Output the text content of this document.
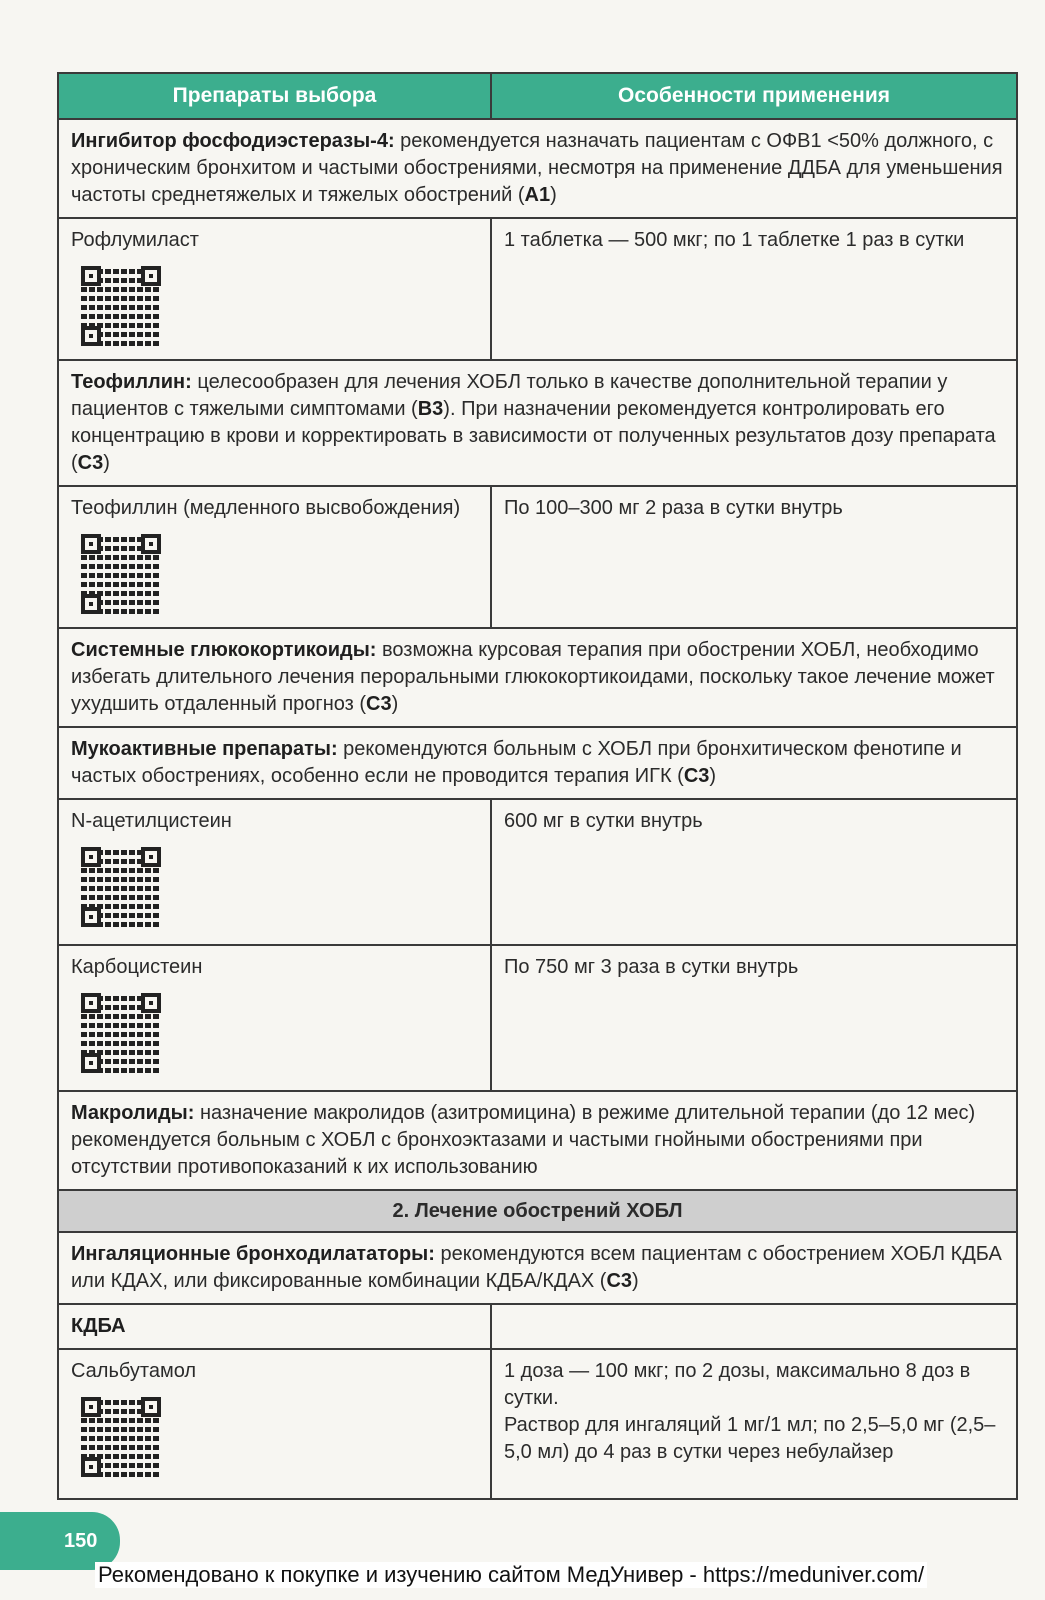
Препараты выбора	Особенности применения
Ингибитор фосфодиэстеразы-4: рекомендуется назначать пациентам с ОФВ1 <50% должного, с хроническим бронхитом и частыми обострениями, несмотря на применение ДДБА для уменьшения частоты среднетяжелых и тяжелых обострений (А1)
Рофлумиласт	1 таблетка — 500 мкг; по 1 таблетке 1 раз в сутки
Теофиллин: целесообразен для лечения ХОБЛ только в качестве дополнительной терапии у пациентов с тяжелыми симптомами (В3). При назначении рекомендуется контролировать его концентрацию в крови и корректировать в зависимости от полученных результатов дозу препарата (С3)
Теофиллин (медленного высвобождения)	По 100–300 мг 2 раза в сутки внутрь
Системные глюкокортикоиды: возможна курсовая терапия при обострении ХОБЛ, необходимо избегать длительного лечения пероральными глюкокортикоидами, поскольку такое лечение может ухудшить отдаленный прогноз (С3)
Мукоактивные препараты: рекомендуются больным с ХОБЛ при бронхитическом фенотипе и частых обострениях, особенно если не проводится терапия ИГК (С3)
N-ацетилцистеин	600 мг в сутки внутрь
Карбоцистеин	По 750 мг 3 раза в сутки внутрь
Макролиды: назначение макролидов (азитромицина) в режиме длительной терапии (до 12 мес) рекомендуется больным с ХОБЛ с бронхоэктазами и частыми гнойными обострениями при отсутствии противопоказаний к их использованию
2. Лечение обострений ХОБЛ
Ингаляционные бронходилататоры: рекомендуются всем пациентам с обострением ХОБЛ КДБА или КДАХ, или фиксированные комбинации КДБА/КДАХ (С3)
КДБА
Сальбутамол	1 доза — 100 мкг; по 2 дозы, максимально 8 доз в сутки.
Раствор для ингаляций 1 мг/1 мл; по 2,5–5,0 мг (2,5–5,0 мл) до 4 раз в сутки через небулайзер
150
Рекомендовано к покупке и изучению сайтом МедУнивер - https://meduniver.com/
